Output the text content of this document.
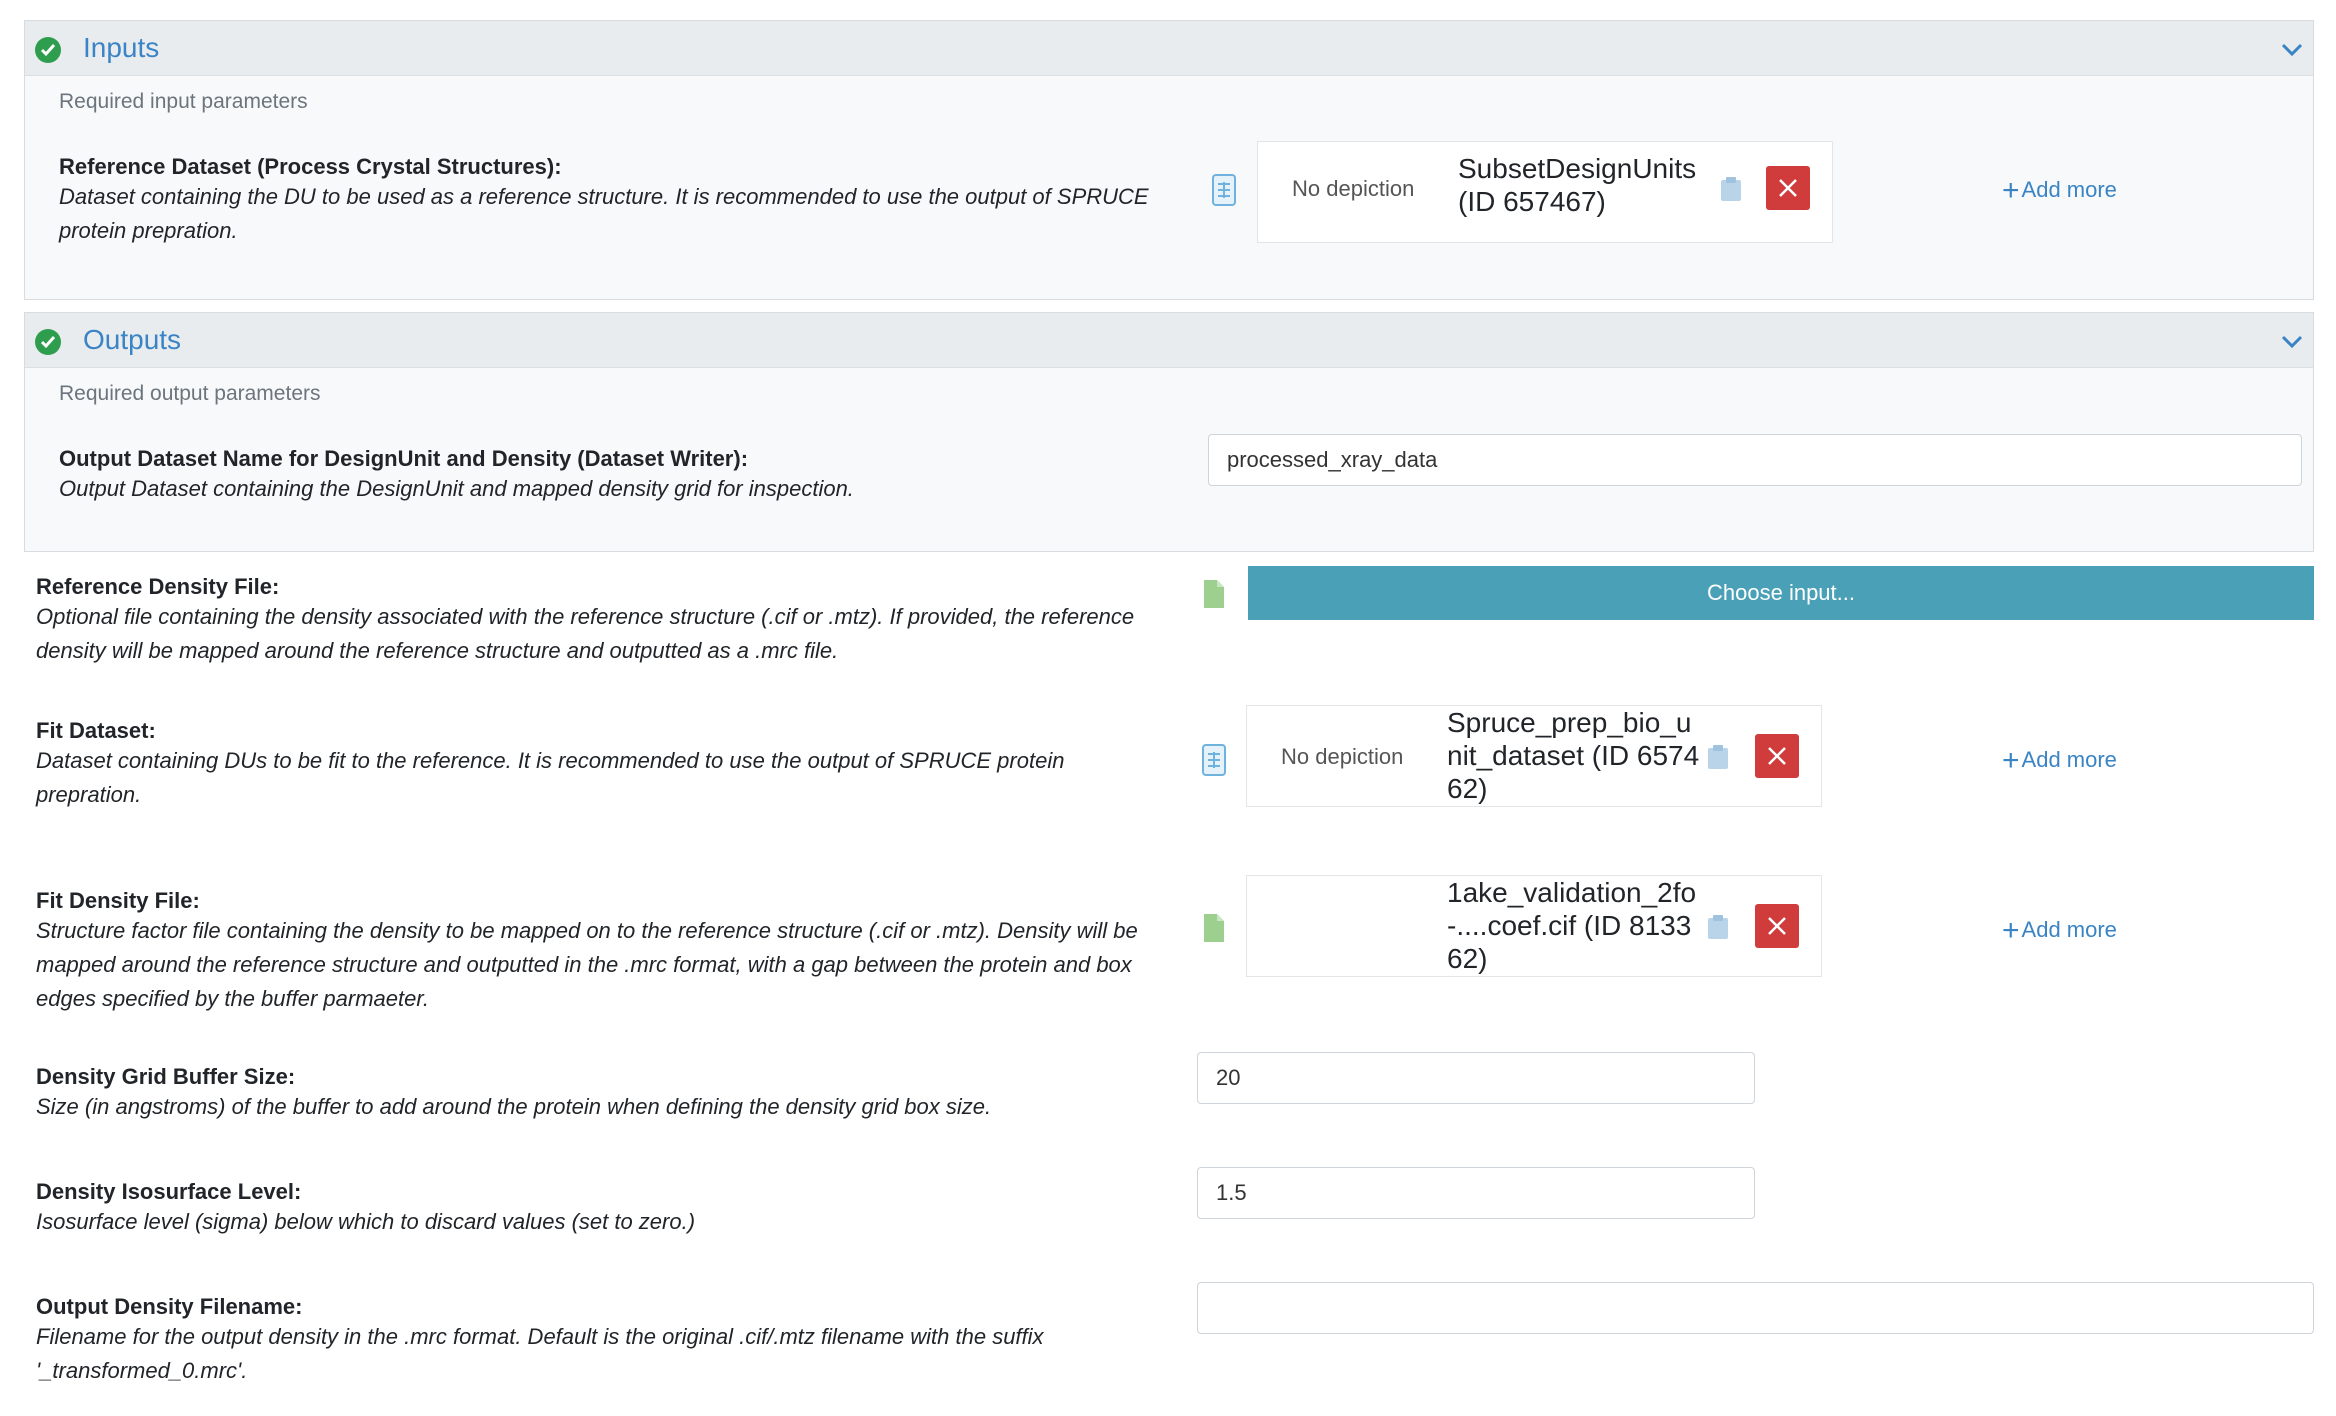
Inputs
Required input parameters
Reference Dataset (Process Crystal Structures):
Dataset containing the DU to be used as a reference structure. It is recommended to use the output of SPRUCE protein prepration.
No depiction
SubsetDesignUnits
(ID 657467)	+Add more
Outputs
Required output parameters
Output Dataset Name for DesignUnit and Density (Dataset Writer):
Output Dataset containing the DesignUnit and mapped density grid for inspection.
processed_xray_data
Reference Density File:
Optional file containing the density associated with the reference structure (.cif or .mtz). If provided, the reference density will be mapped around the reference structure and outputted as a .mrc file.
Choose input...
Fit Dataset:
Dataset containing DUs to be fit to the reference. It is recommended to use the output of SPRUCE protein prepration.
No depiction
Spruce_prep_bio_u
nit_dataset (ID 6574
62)
+Add more
Fit Density File:
Structure factor file containing the density to be mapped on to the reference structure (.cif or .mtz). Density will be mapped around the reference structure and outputted in the .mrc format, with a gap between the protein and box edges specified by the buffer parmaeter.
1ake_validation_2fo
-....coef.cif (ID 8133
62)
+Add more
Density Grid Buffer Size:
Size (in angstroms) of the buffer to add around the protein when defining the density grid box size.
20
Density Isosurface Level:
Isosurface level (sigma) below which to discard values (set to zero.)
1.5
Output Density Filename:
Filename for the output density in the .mrc format. Default is the original .cif/.mtz filename with the suffix '_transformed_0.mrc'.
